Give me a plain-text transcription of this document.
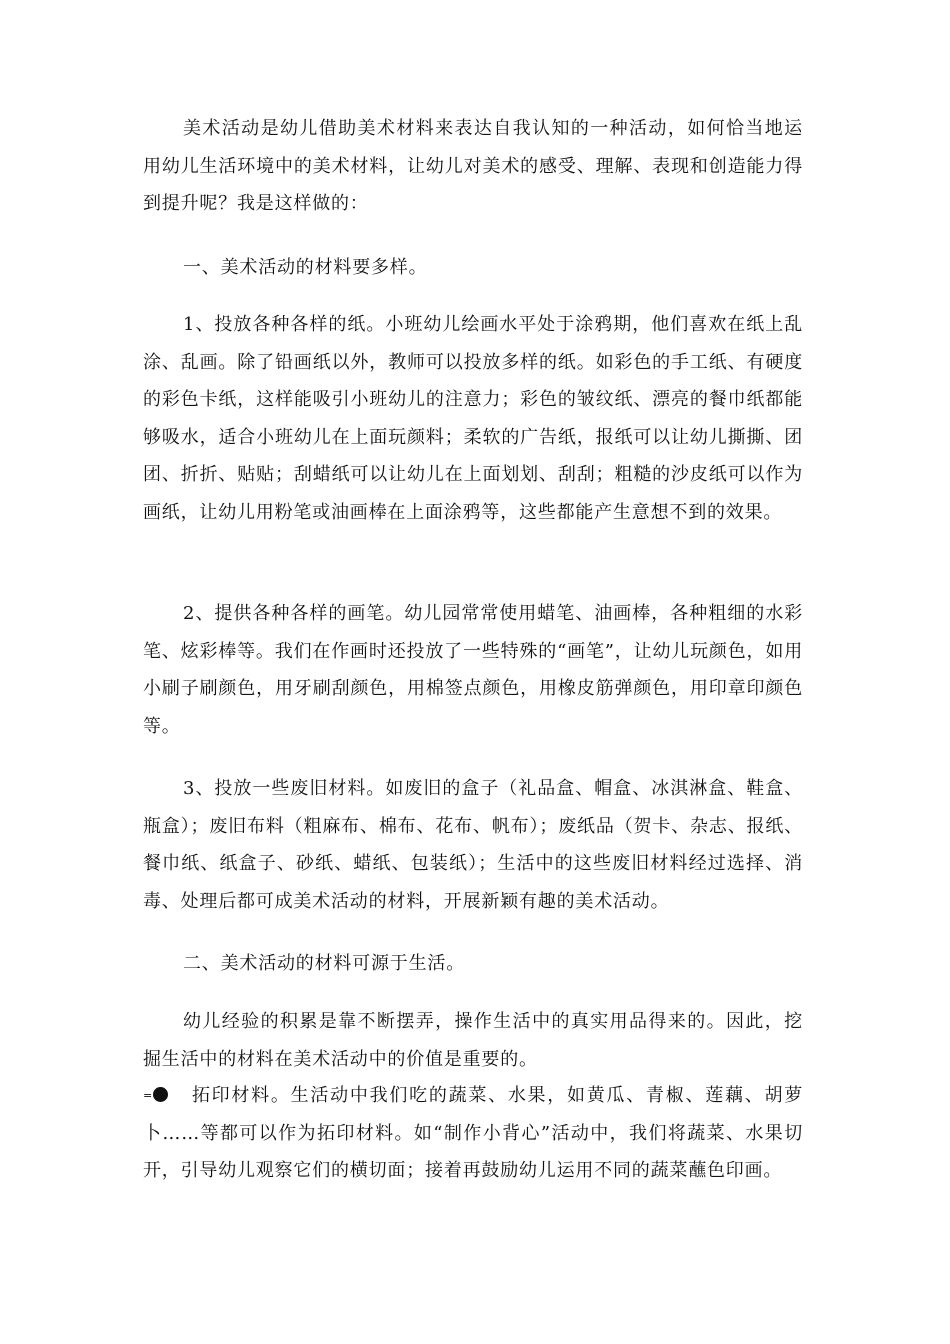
美术活动是幼儿借助美术材料来表达自我认知的一种活动，如何恰当地运用幼儿生活环境中的美术材料，让幼儿对美术的感受、理解、表现和创造能力得到提升呢？我是这样做的：

一、美术活动的材料要多样。

1、投放各种各样的纸。小班幼儿绘画水平处于涂鸦期，他们喜欢在纸上乱涂、乱画。除了铅画纸以外，教师可以投放多样的纸。如彩色的手工纸、有硬度的彩色卡纸，这样能吸引小班幼儿的注意力；彩色的皱纹纸、漂亮的餐巾纸都能够吸水，适合小班幼儿在上面玩颜料；柔软的广告纸，报纸可以让幼儿撕撕、团团、折折、贴贴；刮蜡纸可以让幼儿在上面划划、刮刮；粗糙的沙皮纸可以作为画纸，让幼儿用粉笔或油画棒在上面涂鸦等，这些都能产生意想不到的效果。

2、提供各种各样的画笔。幼儿园常常使用蜡笔、油画棒，各种粗细的水彩笔、炫彩棒等。我们在作画时还投放了一些特殊的“画笔”，让幼儿玩颜色，如用小刷子刷颜色，用牙刷刮颜色，用棉签点颜色，用橡皮筋弹颜色，用印章印颜色等。

3、投放一些废旧材料。如废旧的盒子（礼品盒、帽盒、冰淇淋盒、鞋盒、瓶盒）；废旧布料（粗麻布、棉布、花布、帆布）；废纸品（贺卡、杂志、报纸、餐巾纸、纸盒子、砂纸、蜡纸、包装纸）；生活中的这些废旧材料经过选择、消毒、处理后都可成美术活动的材料，开展新颖有趣的美术活动。

二、美术活动的材料可源于生活。

幼儿经验的积累是靠不断摆弄，操作生活中的真实用品得来的。因此，挖掘生活中的材料在美术活动中的价值是重要的。

= 拓印材料。生活动中我们吃的蔬菜、水果，如黄瓜、青椒、莲藕、胡萝卜……等都可以作为拓印材料。如“制作小背心”活动中，我们将蔬菜、水果切开，引导幼儿观察它们的横切面；接着再鼓励幼儿运用不同的蔬菜蘸色印画。
